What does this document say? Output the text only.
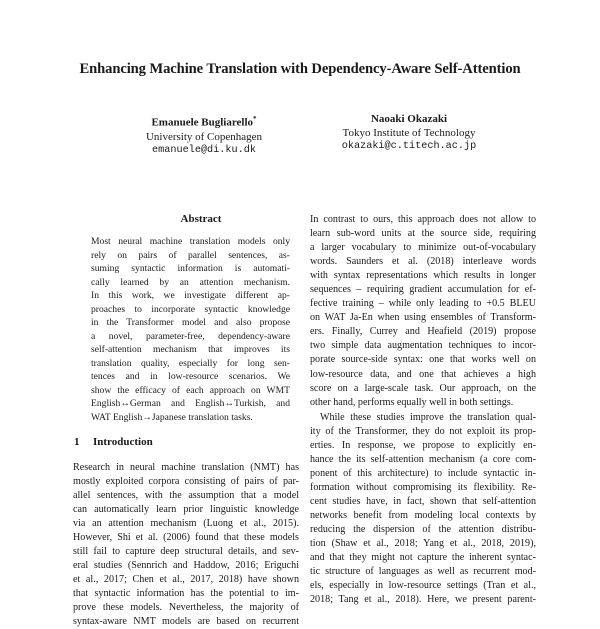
Enhancing Machine Translation with Dependency-Aware Self-Attention
Emanuele Bugliarello*
University of Copenhagen
emanuele@di.ku.dk
Naoaki Okazaki
Tokyo Institute of Technology
okazaki@c.titech.ac.jp
Abstract
Most neural machine translation models only
rely on pairs of parallel sentences, as-
suming syntactic information is automati-
cally learned by an attention mechanism.
In this work, we investigate different ap-
proaches to incorporate syntactic knowledge
in the Transformer model and also propose
a novel, parameter-free, dependency-aware
self-attention mechanism that improves its
translation quality, especially for long sen-
tences and in low-resource scenarios. We
show the efficacy of each approach on WMT
English↔German and English↔Turkish, and
WAT English→Japanese translation tasks.
1 Introduction
Research in neural machine translation (NMT) has
mostly exploited corpora consisting of pairs of par-
allel sentences, with the assumption that a model
can automatically learn prior linguistic knowledge
via an attention mechanism (Luong et al., 2015).
However, Shi et al. (2006) found that these models
still fail to capture deep structural details, and sev-
eral studies (Sennrich and Haddow, 2016; Eriguchi
et al., 2017; Chen et al., 2017, 2018) have shown
that syntactic information has the potential to im-
prove these models. Nevertheless, the majority of
syntax-aware NMT models are based on recurrent
In contrast to ours, this approach does not allow to
learn sub-word units at the source side, requiring
a larger vocabulary to minimize out-of-vocabulary
words. Saunders et al. (2018) interleave words
with syntax representations which results in longer
sequences – requiring gradient accumulation for ef-
fective training – while only leading to +0.5 BLEU
on WAT Ja-En when using ensembles of Transform-
ers. Finally, Currey and Heafield (2019) propose
two simple data augmentation techniques to incor-
porate source-side syntax: one that works well on
low-resource data, and one that achieves a high
score on a large-scale task. Our approach, on the
other hand, performs equally well in both settings.
While these studies improve the translation qual-
ity of the Transformer, they do not exploit its prop-
erties. In response, we propose to explicitly en-
hance the its self-attention mechanism (a core com-
ponent of this architecture) to include syntactic in-
formation without compromising its flexibility. Re-
cent studies have, in fact, shown that self-attention
networks benefit from modeling local contexts by
reducing the dispersion of the attention distribu-
tion (Shaw et al., 2018; Yang et al., 2018, 2019),
and that they might not capture the inherent syntac-
tic structure of languages as well as recurrent mod-
els, especially in low-resource settings (Tran et al.,
2018; Tang et al., 2018). Here, we present parent-
